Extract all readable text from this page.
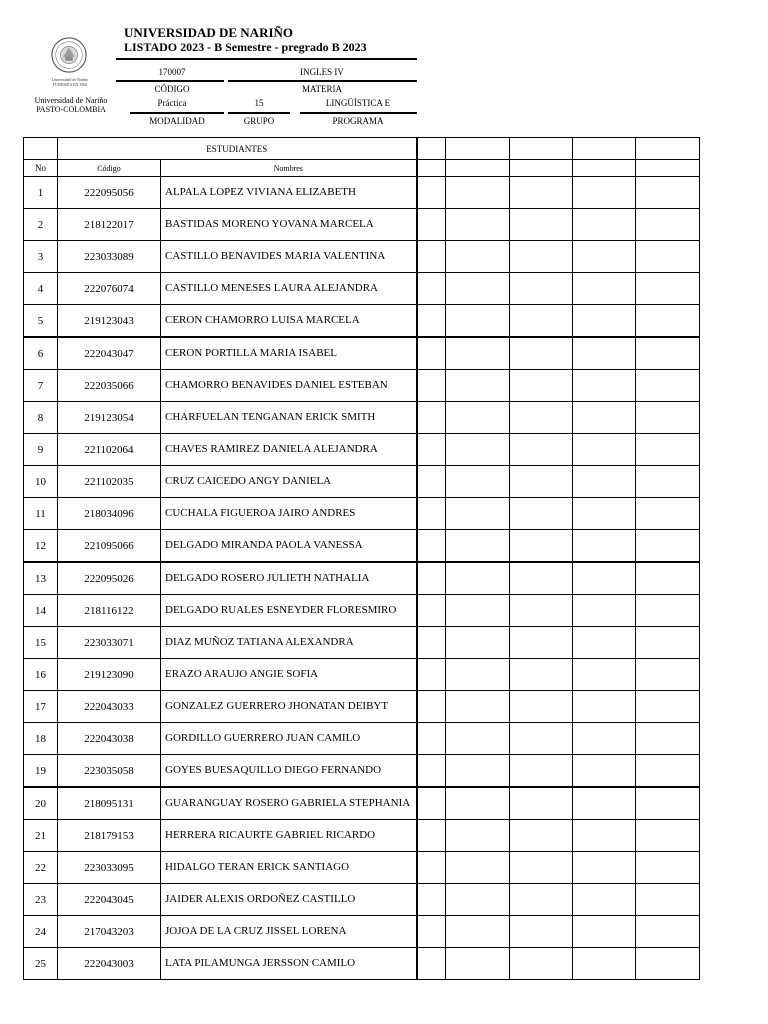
Universidad de Nariño
FUNDADA EN 1904
Universidad de Nariño
PASTO-COLOMBIA
UNIVERSIDAD DE NARIÑO
LISTADO 2023 - B Semestre - pregrado B 2023
170007	INGLES IV
CÓDIGO	MATERIA
Práctica	15	LINGÜÍSTICA E
MODALIDAD	GRUPO	PROGRAMA
	ESTUDIANTES						
No	Código	Nombres					
1	222095056	ALPALA LOPEZ VIVIANA ELIZABETH					
2	218122017	BASTIDAS MORENO YOVANA MARCELA					
3	223033089	CASTILLO BENAVIDES MARIA VALENTINA					
4	222076074	CASTILLO MENESES LAURA ALEJANDRA					
5	219123043	CERON CHAMORRO LUISA MARCELA					
6	222043047	CERON PORTILLA MARIA ISABEL					
7	222035066	CHAMORRO BENAVIDES DANIEL ESTEBAN					
8	219123054	CHARFUELAN TENGANAN ERICK SMITH					
9	221102064	CHAVES RAMIREZ DANIELA ALEJANDRA					
10	221102035	CRUZ CAICEDO ANGY DANIELA					
11	218034096	CUCHALA FIGUEROA JAIRO ANDRES					
12	221095066	DELGADO MIRANDA PAOLA VANESSA					
13	222095026	DELGADO ROSERO JULIETH NATHALIA					
14	218116122	DELGADO RUALES ESNEYDER FLORESMIRO					
15	223033071	DIAZ MUÑOZ TATIANA ALEXANDRA					
16	219123090	ERAZO ARAUJO ANGIE SOFIA					
17	222043033	GONZALEZ GUERRERO JHONATAN DEIBYT					
18	222043038	GORDILLO GUERRERO JUAN CAMILO					
19	223035058	GOYES BUESAQUILLO DIEGO FERNANDO					
20	218095131	GUARANGUAY ROSERO GABRIELA STEPHANIA					
21	218179153	HERRERA RICAURTE GABRIEL RICARDO					
22	223033095	HIDALGO TERAN ERICK SANTIAGO					
23	222043045	JAIDER ALEXIS ORDOÑEZ CASTILLO					
24	217043203	JOJOA DE LA CRUZ JISSEL LORENA					
25	222043003	LATA PILAMUNGA JERSSON CAMILO					
